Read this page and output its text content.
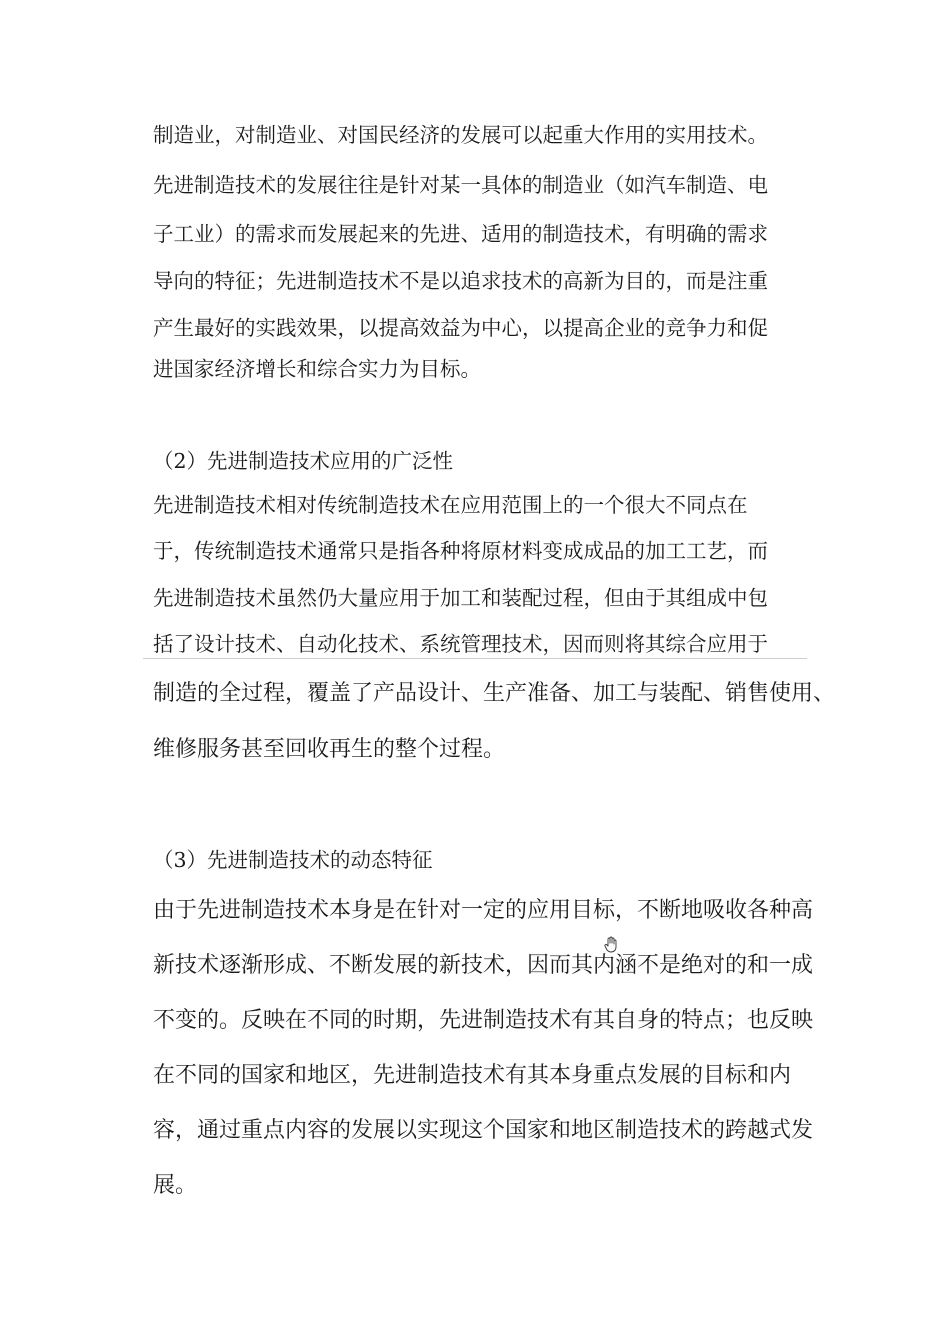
制造业，对制造业、对国民经济的发展可以起重大作用的实用技术。
先进制造技术的发展往往是针对某一具体的制造业（如汽车制造、电
子工业）的需求而发展起来的先进、适用的制造技术，有明确的需求
导向的特征；先进制造技术不是以追求技术的高新为目的，而是注重
产生最好的实践效果，以提高效益为中心，以提高企业的竞争力和促
进国家经济增长和综合实力为目标。
（2）先进制造技术应用的广泛性
先进制造技术相对传统制造技术在应用范围上的一个很大不同点在
于，传统制造技术通常只是指各种将原材料变成成品的加工工艺，而
先进制造技术虽然仍大量应用于加工和装配过程，但由于其组成中包
括了设计技术、自动化技术、系统管理技术，因而则将其综合应用于
制造的全过程，覆盖了产品设计、生产准备、加工与装配、销售使用、
维修服务甚至回收再生的整个过程。
（3）先进制造技术的动态特征
由于先进制造技术本身是在针对一定的应用目标，不断地吸收各种高
新技术逐渐形成、不断发展的新技术，因而其内涵不是绝对的和一成
不变的。反映在不同的时期，先进制造技术有其自身的特点；也反映
在不同的国家和地区，先进制造技术有其本身重点发展的目标和内
容，通过重点内容的发展以实现这个国家和地区制造技术的跨越式发
展。
